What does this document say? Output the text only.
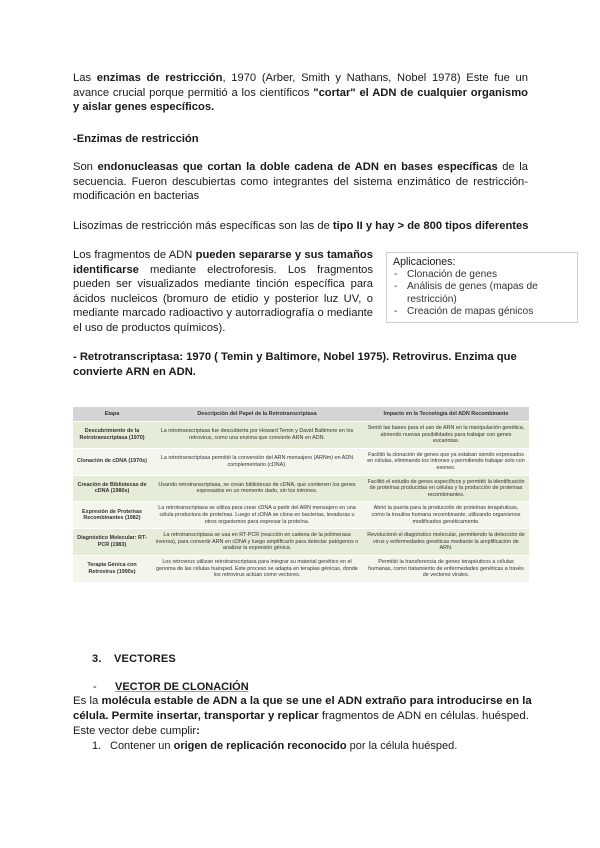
Las enzimas de restricción, 1970 (Arber, Smith y Nathans, Nobel 1978) Este fue un avance crucial porque permitió a los científicos "cortar" el ADN de cualquier organismo y aislar genes específicos.

-Enzimas de restricción

Son endonucleasas que cortan la doble cadena de ADN en bases específicas de la secuencia. Fueron descubiertas como integrantes del sistema enzimático de restricción-modificación en bacterias

Lisozimas de restricción más específicas son las de tipo II y hay > de 800 tipos diferentes

Los fragmentos de ADN pueden separarse y sus tamaños identificarse mediante electroforesis. Los fragmentos pueden ser visualizados mediante tinción específica para ácidos nucleicos (bromuro de etidio y posterior luz UV, o mediante marcado radioactivo y autorradiografía o mediante el uso de productos químicos).

Aplicaciones:
- Clonación de genes
- Análisis de genes (mapas de restricción)
- Creación de mapas génicos

- Retrotranscriptasa: 1970 ( Temin y Baltimore, Nobel 1975). Retrovirus. Enzima que convierte ARN en ADN.

Etapa	Descripción del Papel de la Retrotranscriptasa	Impacto en la Tecnología del ADN Recombinante
Descubrimiento de la Retrotranscriptasa (1970)	La retrotranscriptasa fue descubierta por Howard Temin y David Baltimore en los retrovirus, como una enzima que convierte ARN en ADN.	Sentó las bases para el uso de ARN en la manipulación genética, abriendo nuevas posibilidades para trabajar con genes eucariotas.
Clonación de cDNA (1970s)	La retrotranscriptasa permitió la conversión del ARN mensajero (ARNm) en ADN complementario (cDNA).	Facilitó la clonación de genes que ya estaban siendo expresados en células, eliminando los intrones y permitiendo trabajar solo con exones.
Creación de Bibliotecas de cDNA (1980s)	Usando retrotranscriptasa, se crean bibliotecas de cDNA, que contienen los genes expresados en un momento dado, sin los intrones.	Facilitó el estudio de genes específicos y permitió la identificación de proteínas producidas en células y la producción de proteínas recombinantes.
Expresión de Proteínas Recombinantes (1982)	La retrotranscriptasa se utiliza para crear cDNA a partir del ARN mensajero en una célula productora de proteínas. Luego el cDNA se clona en bacterias, levaduras u otros organismos para expresar la proteína.	Abrió la puerta para la producción de proteínas terapéuticas, como la insulina humana recombinante, utilizando organismos modificados genéticamente.
Diagnóstico Molecular: RT-PCR (1983)	La retrotranscriptasa se usa en RT-PCR (reacción en cadena de la polimerasa inversa), para convertir ARN en cDNA y luego amplificarlo para detectar patógenos o analizar la expresión génica.	Revolucionó el diagnóstico molecular, permitiendo la detección de virus y enfermedades genéticas mediante la amplificación de ARN.
Terapia Génica con Retrovirus (1990s)	Los retrovirus utilizan retrotranscriptasa para integrar su material genético en el genoma de las células huésped. Este proceso se adapta en terapias génicas, donde los retrovirus actúan como vectores.	Permitió la transferencia de genes terapéuticos a células humanas, como tratamiento de enfermedades genéticas a través de vectores virales.
3. VECTORES
- VECTOR DE CLONACIÓN

Es la molécula estable de ADN a la que se une el ADN extraño para introducirse en la célula. Permite insertar, transportar y replicar fragmentos de ADN en células. huésped.

Este vector debe cumplir:

1. Contener un origen de replicación reconocido por la célula huésped.
